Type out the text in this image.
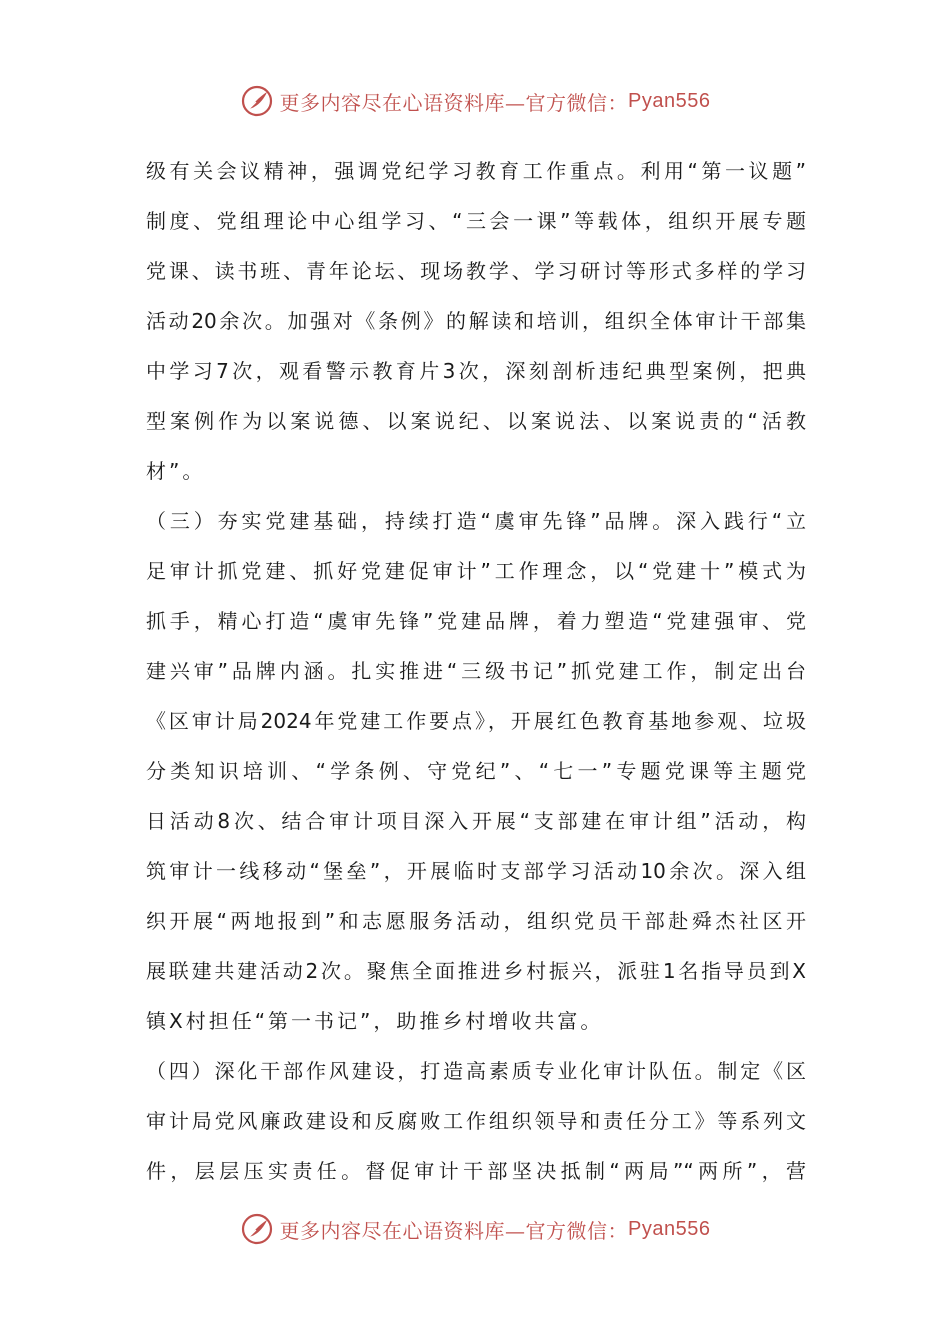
更多内容尽在心语资料库—官方微信： Pyan556
级有关会议精神，强调党纪学习教育工作重点。利用“第一议题”
制度、党组理论中心组学习、“三会一课”等载体，组织开展专题
党课、读书班、青年论坛、现场教学、学习研讨等形式多样的学习
活动20余次。加强对《条例》的解读和培训，组织全体审计干部集
中学习7次，观看警示教育片3次，深刻剖析违纪典型案例，把典
型案例作为以案说德、以案说纪、以案说法、以案说责的“活教
材”。
（三）夯实党建基础，持续打造“虞审先锋”品牌。深入践行“立
足审计抓党建、抓好党建促审计”工作理念，以“党建十”模式为
抓手，精心打造“虞审先锋”党建品牌，着力塑造“党建强审、党
建兴审”品牌内涵。扎实推进“三级书记”抓党建工作，制定出台
《区审计局2024年党建工作要点》，开展红色教育基地参观、垃圾
分类知识培训、“学条例、守党纪”、“七一”专题党课等主题党
日活动8次、结合审计项目深入开展“支部建在审计组”活动，构
筑审计一线移动“堡垒”，开展临时支部学习活动10余次。深入组
织开展“两地报到”和志愿服务活动，组织党员干部赴舜杰社区开
展联建共建活动2次。聚焦全面推进乡村振兴，派驻1名指导员到X
镇X村担任“第一书记”，助推乡村增收共富。
（四）深化干部作风建设，打造高素质专业化审计队伍。制定《区
审计局党风廉政建设和反腐败工作组织领导和责任分工》等系列文
件，层层压实责任。督促审计干部坚决抵制“两局”“两所”，营
更多内容尽在心语资料库—官方微信： Pyan556
